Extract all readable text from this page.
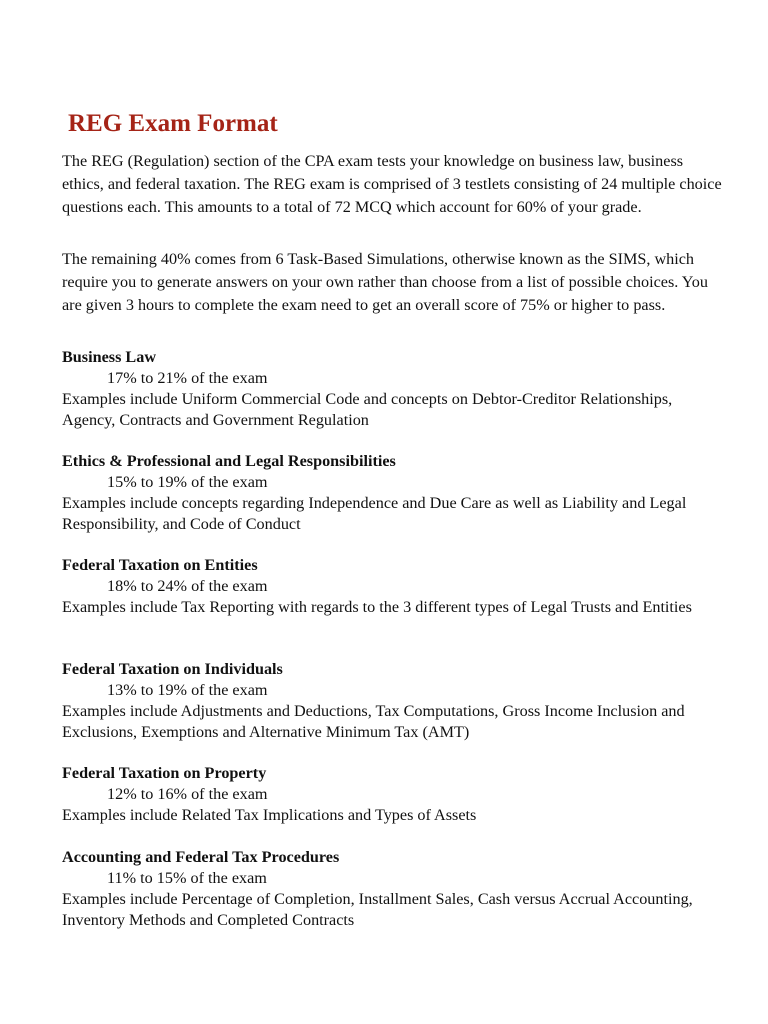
REG Exam Format

The REG (Regulation) section of the CPA exam tests your knowledge on business law, business ethics, and federal taxation. The REG exam is comprised of 3 testlets consisting of 24 multiple choice questions each. This amounts to a total of 72 MCQ which account for 60% of your grade.

The remaining 40% comes from 6 Task-Based Simulations, otherwise known as the SIMS, which require you to generate answers on your own rather than choose from a list of possible choices. You are given 3 hours to complete the exam need to get an overall score of 75% or higher to pass.

Business Law

17% to 21% of the exam

Examples include Uniform Commercial Code and concepts on Debtor-Creditor Relationships, Agency, Contracts and Government Regulation

Ethics & Professional and Legal Responsibilities

15% to 19% of the exam

Examples include concepts regarding Independence and Due Care as well as Liability and Legal Responsibility, and Code of Conduct

Federal Taxation on Entities

18% to 24% of the exam

Examples include Tax Reporting with regards to the 3 different types of Legal Trusts and Entities

Federal Taxation on Individuals

13% to 19% of the exam

Examples include Adjustments and Deductions, Tax Computations, Gross Income Inclusion and Exclusions, Exemptions and Alternative Minimum Tax (AMT)

Federal Taxation on Property

12% to 16% of the exam

Examples include Related Tax Implications and Types of Assets

Accounting and Federal Tax Procedures

11% to 15% of the exam

Examples include Percentage of Completion, Installment Sales, Cash versus Accrual Accounting, Inventory Methods and Completed Contracts
